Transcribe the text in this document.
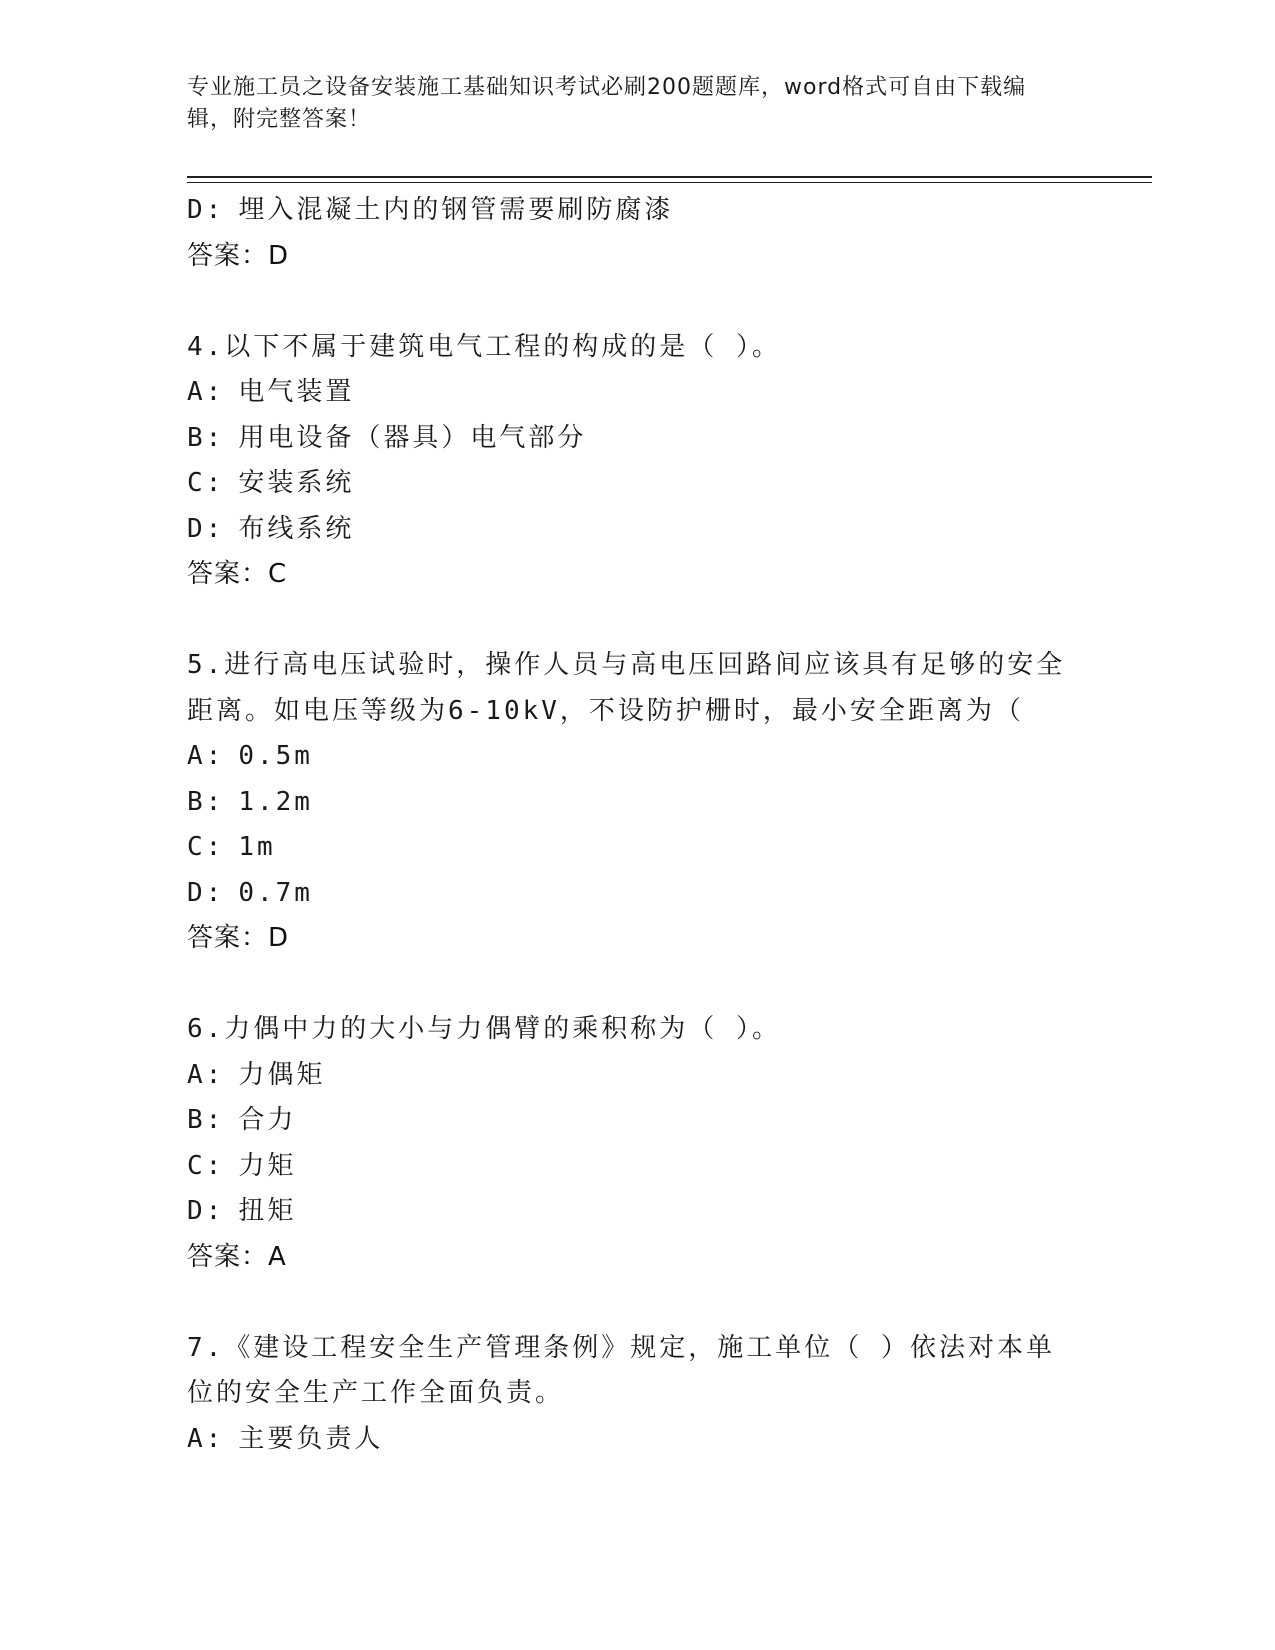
专业施工员之设备安装施工基础知识考试必刷200题题库，word格式可自由下载编辑，附完整答案！
D: 埋入混凝土内的钢管需要刷防腐漆
答案：D
4.以下不属于建筑电气工程的构成的是（ ）。
A: 电气装置
B: 用电设备（器具）电气部分
C: 安装系统
D: 布线系统
答案：C
5.进行高电压试验时，操作人员与高电压回路间应该具有足够的安全距离。如电压等级为6-10kV，不设防护栅时，最小安全距离为（
A: 0.5m
B: 1.2m
C: 1m
D: 0.7m
答案：D
6.力偶中力的大小与力偶臂的乘积称为（ ）。
A: 力偶矩
B: 合力
C: 力矩
D: 扭矩
答案：A
7.《建设工程安全生产管理条例》规定，施工单位（ ）依法对本单位的安全生产工作全面负责。
A: 主要负责人
